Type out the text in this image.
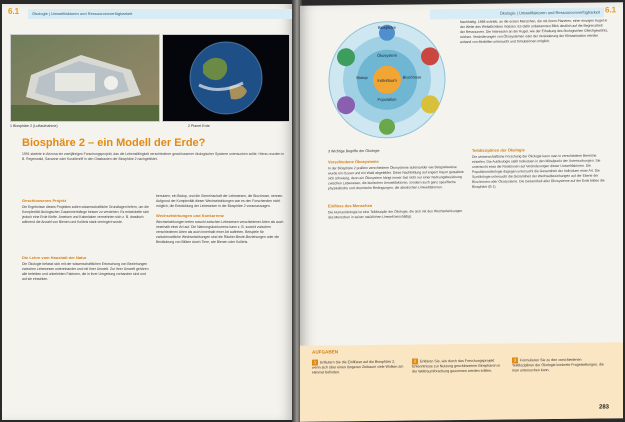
6.1	Ökologie | Umweltfaktoren und Ressourcenverfügbarkeit
1 Biosphäre 2 (Luftaufnahme)	2 Planet Erde
Biosphäre 2 – ein Modell der Erde?
1991 startete in Arizona ein zweijähriges Forschungsprojekt, das die Lebensfähigkeit verschiedener geschlossener ökologischer Systeme untersuchen sollte. Hierzu wurden in B. Regenwald, Savanne oder Korallenriff in den Glasbauten der Biosphäre 2 nachgebildet.
Geschlossenes Projekt

Die Ergebnisse dieses Projektes sollen wissenschaftliche Grundlagen liefern, um die Komplexität ökologischer Zusammenhänge besser zu verstehen. Es entwickelte sich jedoch eine Erde fünfte. Ameisen und Kakerlaken vermehrten sich z. B. drastisch während die Anzahl von Bienen und Kolibris stark verringert wurde.

Die Lehre vom Haushalt der Natur

Die Ökologie befasst sich mit der wissenschaftlichen Erforschung von Beziehungen zwischen Lebewesen untereinander und mit ihrer Umwelt. Zur ihrer Umwelt gehören alle belebten und unbelebten Faktoren, die in ihrer Umgebung vorhanden sind und auf sie einwirken.

benutzen, ein Biotop, und die Gemeinschaft der Lebewesen, die Biozönose, nennen. Aufgrund der Komplexität dieser Wechselwirkungen war es den Forschenden nicht möglich, die Entwicklung der Lebewesen in der Biosphäre 2 vorauszusagen.

Wechselwirkungen und Konkurrenz

Wechselwirkungen treten sowohl zwischen Lebewesen verschiedener Arten als auch innerhalb einer Art auf. Die Nahrungskonkurrenz kann z. B. sowohl zwischen verschiedenen Arten als auch innerhalb einer Art auftreten. Beispiele für zwischenartliche Wechselwirkungen sind die Räuber-Beute-Beziehungen oder die Bestäubung von Blüten durch Tiere, wie Bienen oder Kolibris.

Ökologie | Umweltfaktoren und Ressourcenverfügbarkeit 6.1
Biosphäre
Ökosystem
Biotop	Biozönose
Population
Individuum
3 Wichtige Begriffe der Ökologie
Nachhaltig. 1968 schrieb, an die ersten Menschen, die mit ihrem Planeten, einer einzigen Kugel in der Weite des Weltalls leben müssen. Es dafür unbekannten Blick deutlich auf die Begrenztheit der Ressourcen. Die Interessen an der Kugel, wie der Erhaltung des ökologischen Gleichgewichts, reichen. Veränderungen von Ökosystemen oder der Veränderung der Klimasituation werden anhand von Modellen untersucht und Simulationen möglich.
Verschiedene Ökosysteme

In der Biosphäre 2 prallten verschiedene Ökosysteme aufeinander wie Beispielsweise wurde ein Ozean und ein Wald abgebildet. Diese Nachbildung auf engem Raum gestaltete sich schwierig, denn ein Ökosystem hängt immer fast nicht nur einer Nahrungsbeziehung zwischen Lebewesen, die biotischen Umweltfaktoren, sondern auch ganz spezifische physikalische und chemische Bedingungen, die abiotischen Umweltfaktoren.

Einfluss des Menschen

Die Humanökologie ist eine Teildisziplin der Ökologie, die sich mit den Wechselwirkungen des Menschen in seiner natürlichen Umwelt beschäftigt.

Teildisziplinen der Ökologie

Die wissenschaftliche Forschung der Ökologie kann man in verschiedene Bereiche einteilen. Die Autökologie stellt Individuen in den Mittelpunkt der Untersuchungen. Sie untersucht etwa die Reaktionen auf Veränderungen dieser Umweltfaktoren. Die Populationsökologie dagegen untersucht die Gesamtheit der Individuen einer Art. Die Synökologie untersucht die Gesamtheit der Wechselbeziehungen auf der Ebene der Biozönosen oder Ökosysteme. Die Gesamtheit aller Ökosysteme auf der Erde bilden die Biosphäre (B 1).

AUFGABEN
1 Erläutern Sie die Einflüsse auf die Biosphäre 2, wenn sich über einen längeren Zeitraum viele Wolken am Himmel befinden.
2 Erklären Sie, wie durch das Forschungsprojekt Erkenntnisse zur Nutzung geschlossener Biosphären in der Weltraumforschung gewonnen werden sollten.
3 Formulieren Sie zu den verschiedenen Teildisziplinen der Ökologie konkrete Fragestellungen, die man untersuchen kann.
283
